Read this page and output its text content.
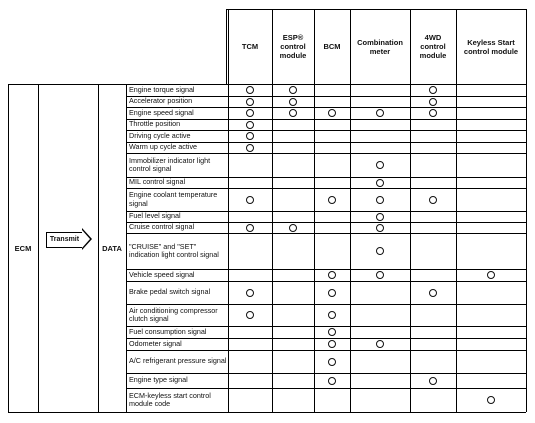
ECM
Transmit
DATA
TCM
ESP®
control
module
BCM	Combination
meter
4WD
control
module
Keyless Start
control module
Engine torque signal
Accelerator position
Engine speed signal
Throttle position
Driving cycle active
Warm up cycle active
Immobilizer indicator light control signal
MIL control signal
Engine coolant temperature signal
Fuel level signal
Cruise control signal
"CRUISE" and "SET" indication light control signal
Vehicle speed signal
Brake pedal switch signal
Air conditioning compressor clutch signal
Fuel consumption signal
Odometer signal
A/C refrigerant pressure signal
Engine type signal
ECM-keyless start control module code
